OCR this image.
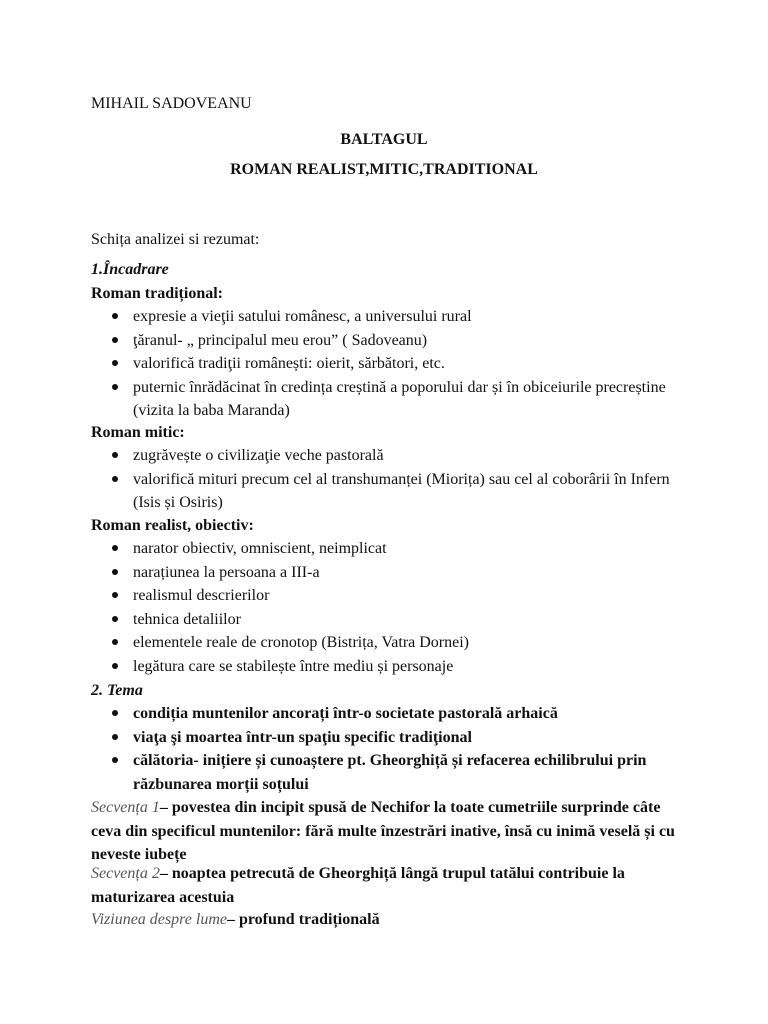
MIHAIL SADOVEANU
BALTAGUL
ROMAN REALIST,MITIC,TRADITIONAL
Schița analizei si rezumat:
1.Încadrare
Roman tradițional:
expresie a vieţii satului românesc, a universului rural
ţăranul- „ principalul meu erou” ( Sadoveanu)
valorifică tradiţii românești: oierit, sărbători, etc.
puternic înrădăcinat în credința creștină a poporului dar și în obiceiurile precreștine (vizita la baba Maranda)
Roman mitic:
zugrăvește o civilizaţie veche pastorală
valorifică mituri precum cel al transhumanței (Miorița) sau cel al coborârii în Infern (Isis și Osiris)
Roman realist, obiectiv:
narator obiectiv, omniscient, neimplicat
narațiunea la persoana a III-a
realismul descrierilor
tehnica detaliilor
elementele reale de cronotop (Bistrița, Vatra Dornei)
legătura care se stabilește între mediu și personaje
2. Tema
condiția muntenilor ancorați într-o societate pastorală arhaică
viaţa şi moartea într-un spaţiu specific tradiţional
călătoria- inițiere și cunoaștere pt. Gheorghiță și refacerea echilibrului prin răzbunarea morții soțului
Secvența 1– povestea din incipit spusă de Nechifor la toate cumetriile surprinde câte ceva din specificul muntenilor: fără multe înzestrări inative, însă cu inimă veselă și cu neveste iubețe
Secvența 2– noaptea petrecută de Gheorghiță lângă trupul tatălui contribuie la maturizarea acestuia
Viziunea despre lume– profund tradițională
